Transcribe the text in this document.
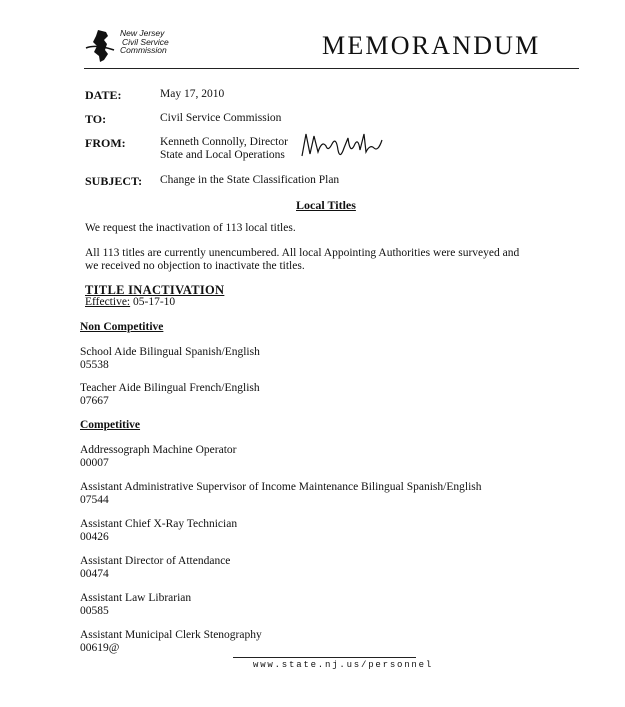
New Jersey
Civil Service
Commission	MEMORANDUM
DATE:	May 17, 2010
TO:	Civil Service Commission
FROM:	Kenneth Connolly, Director
State and Local Operations
SUBJECT: Change in the State Classification Plan
Local Titles
We request the inactivation of 113 local titles.
All 113 titles are currently unencumbered. All local Appointing Authorities were surveyed and
we received no objection to inactivate the titles.
TITLE INACTIVATION
Effective: 05-17-10
Non Competitive
School Aide Bilingual Spanish/English
05538
Teacher Aide Bilingual French/English
07667
Competitive
Addressograph Machine Operator
00007
Assistant Administrative Supervisor of Income Maintenance Bilingual Spanish/English
07544
Assistant Chief X-Ray Technician
00426
Assistant Director of Attendance
00474
Assistant Law Librarian
00585
Assistant Municipal Clerk Stenography
00619@
www.state.nj.us/personnel
